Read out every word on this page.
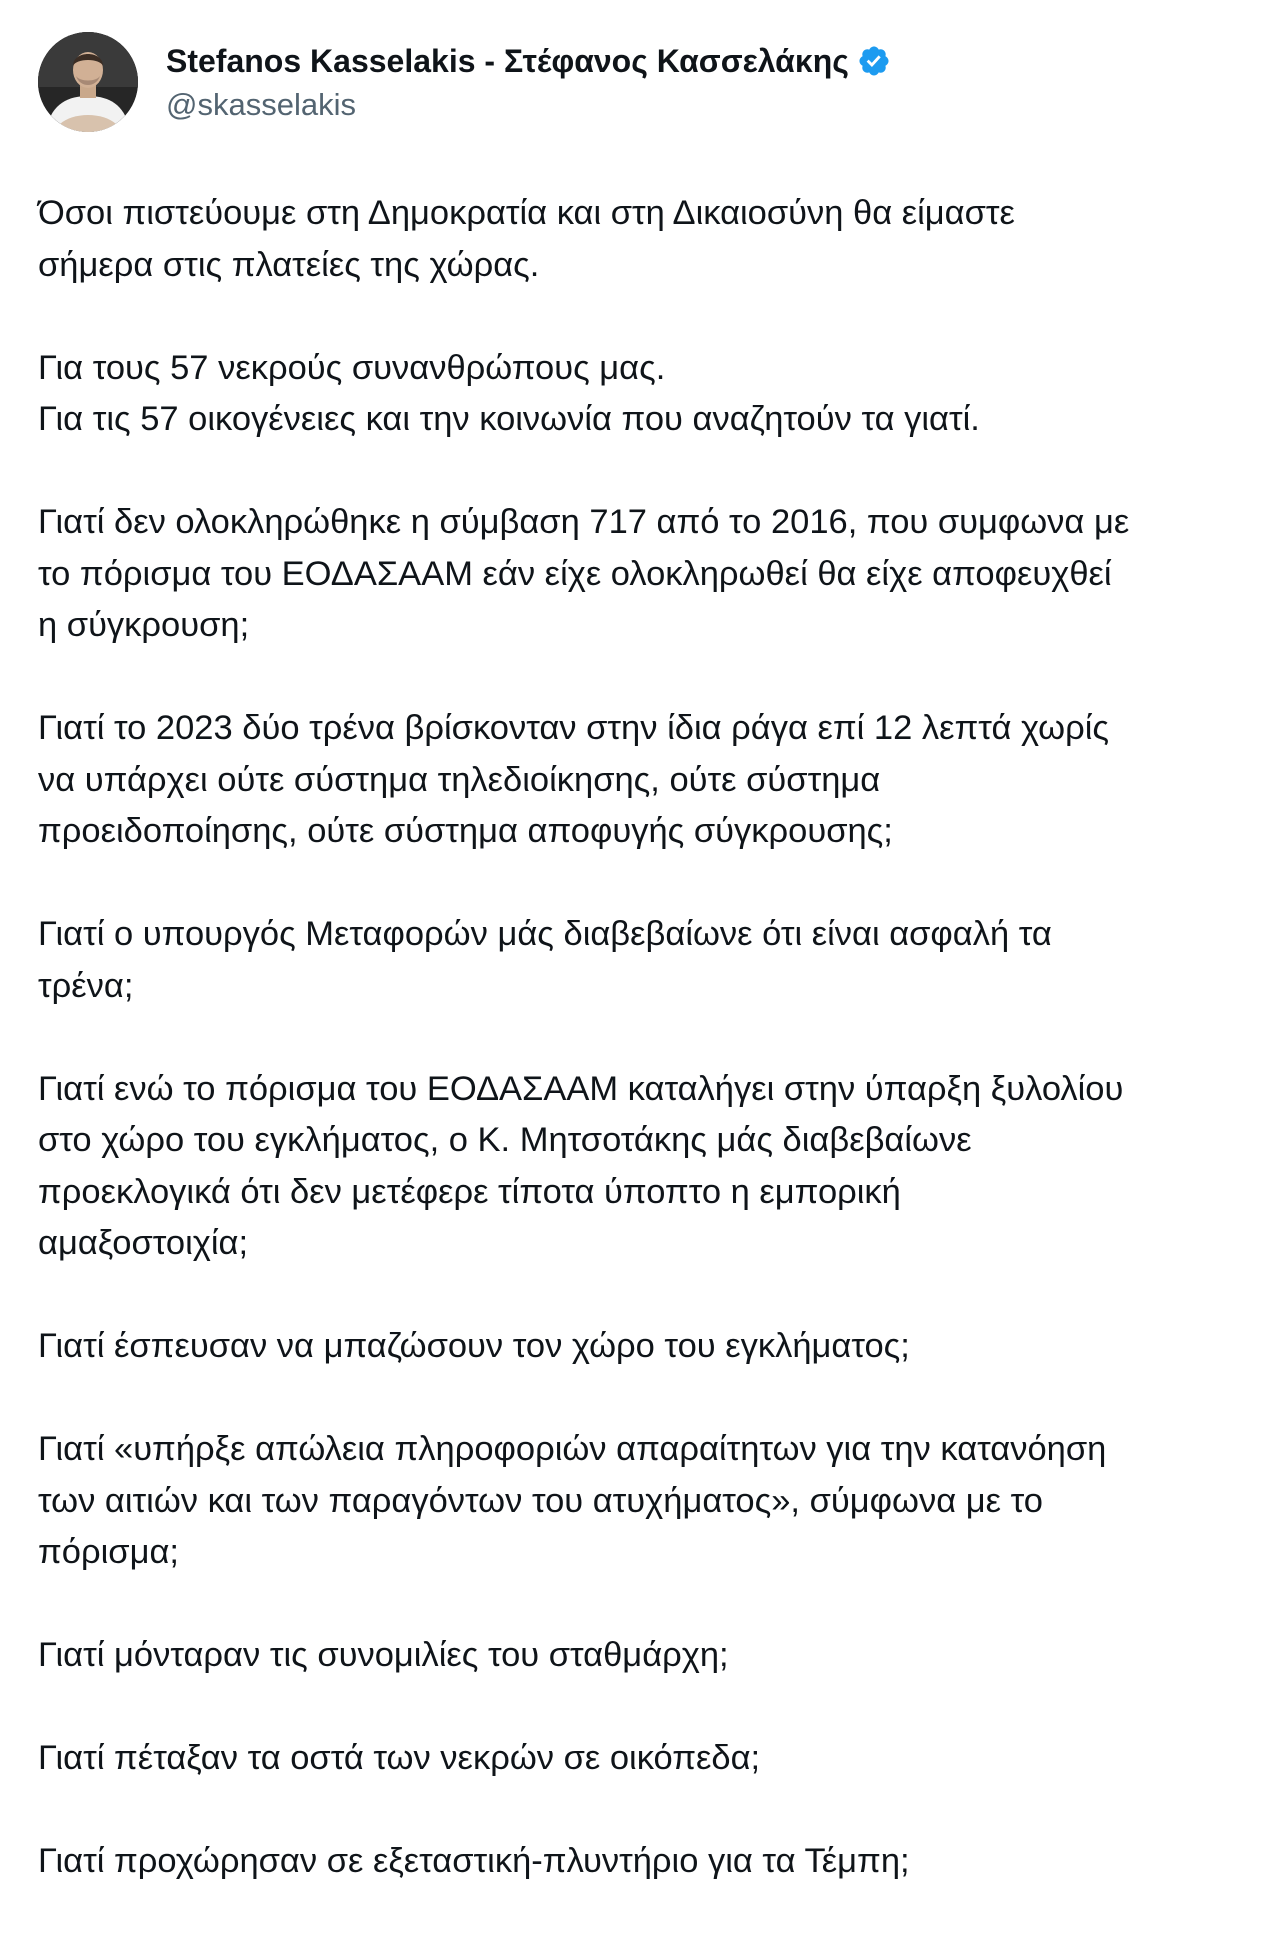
Stefanos Kasselakis - Στέφανος Κασσελάκης
@skasselakis
Όσοι πιστεύουμε στη Δημοκρατία και στη Δικαιοσύνη θα είμαστε
σήμερα στις πλατείες της χώρας.
Για τους 57 νεκρούς συνανθρώπους μας.
Για τις 57 οικογένειες και την κοινωνία που αναζητούν τα γιατί.
Γιατί δεν ολοκληρώθηκε η σύμβαση 717 από το 2016, που συμφωνα με
το πόρισμα του ΕΟΔΑΣΑΑΜ εάν είχε ολοκληρωθεί θα είχε αποφευχθεί
η σύγκρουση;
Γιατί το 2023 δύο τρένα βρίσκονταν στην ίδια ράγα επί 12 λεπτά χωρίς
να υπάρχει ούτε σύστημα τηλεδιοίκησης, ούτε σύστημα
προειδοποίησης, ούτε σύστημα αποφυγής σύγκρουσης;
Γιατί ο υπουργός Μεταφορών μάς διαβεβαίωνε ότι είναι ασφαλή τα
τρένα;
Γιατί ενώ το πόρισμα του ΕΟΔΑΣΑΑΜ καταλήγει στην ύπαρξη ξυλολίου
στο χώρο του εγκλήματος, ο Κ. Μητσοτάκης μάς διαβεβαίωνε
προεκλογικά ότι δεν μετέφερε τίποτα ύποπτο η εμπορική
αμαξοστοιχία;
Γιατί έσπευσαν να μπαζώσουν τον χώρο του εγκλήματος;
Γιατί «υπήρξε απώλεια πληροφοριών απαραίτητων για την κατανόηση
των αιτιών και των παραγόντων του ατυχήματος», σύμφωνα με το
πόρισμα;
Γιατί μόνταραν τις συνομιλίες του σταθμάρχη;
Γιατί πέταξαν τα οστά των νεκρών σε οικόπεδα;
Γιατί προχώρησαν σε εξεταστική-πλυντήριο για τα Τέμπη;
